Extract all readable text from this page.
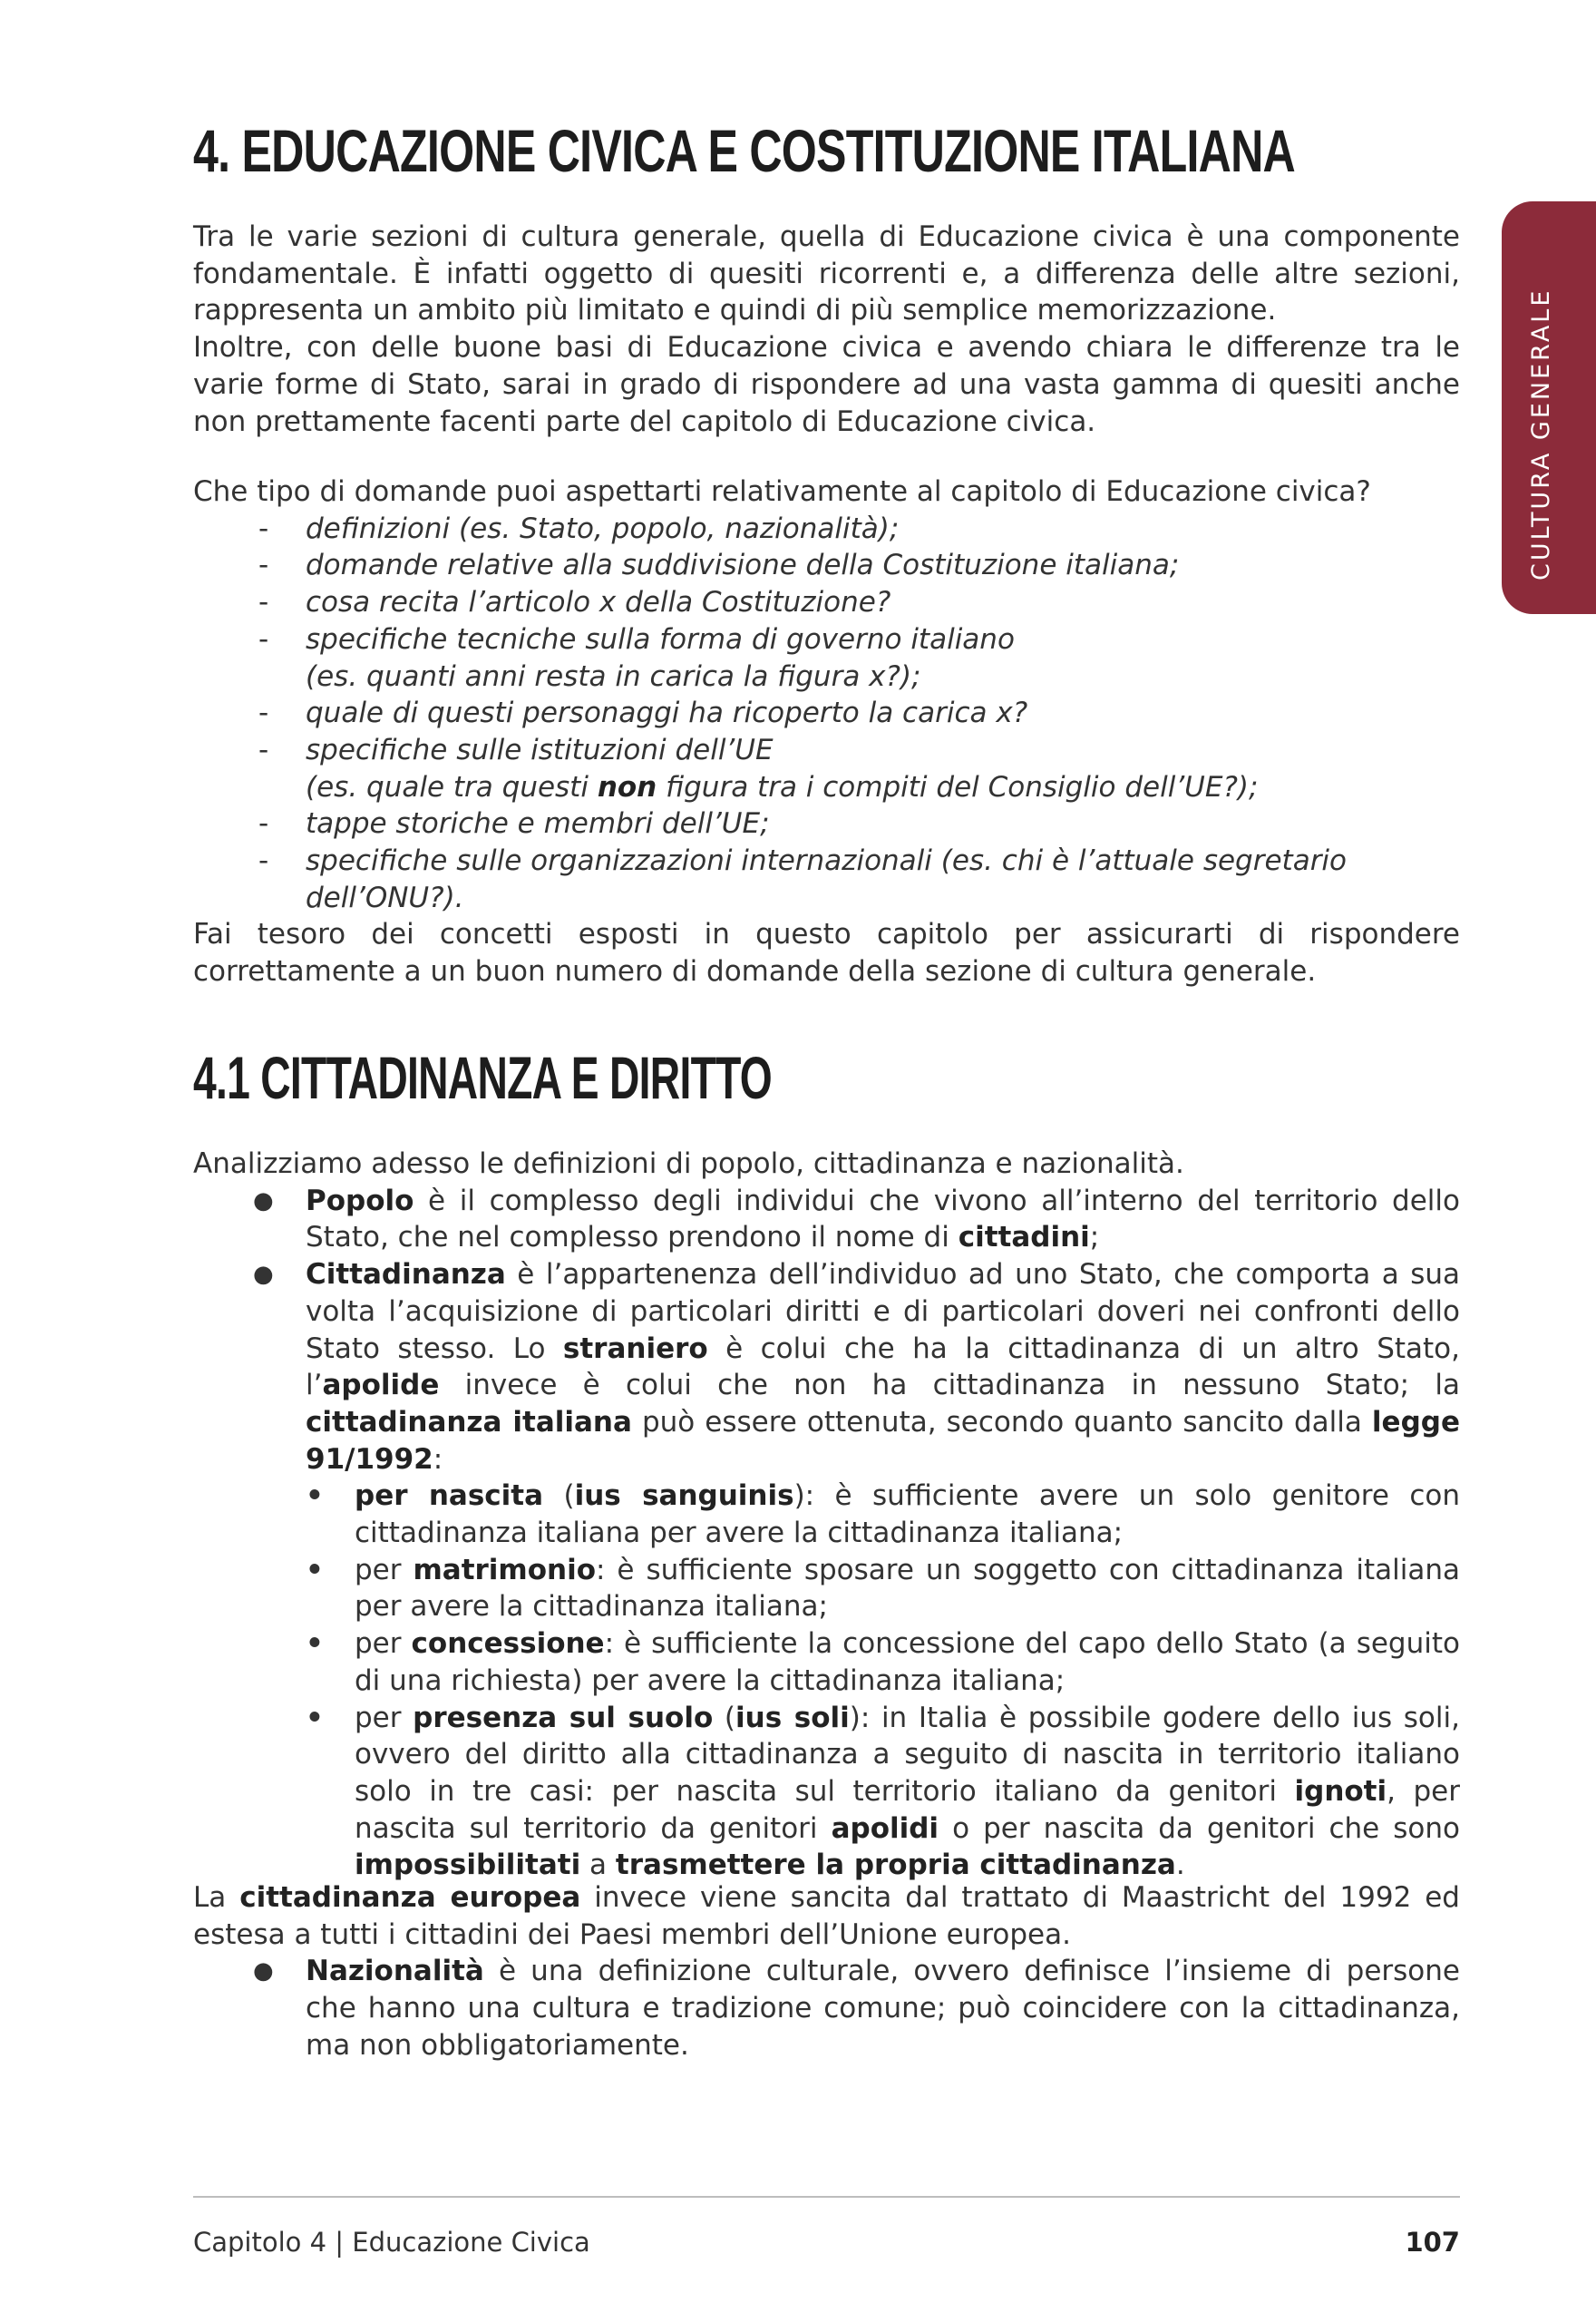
CULTURA GENERALE
4. EDUCAZIONE CIVICA E COSTITUZIONE ITALIANA

Tra le varie sezioni di cultura generale, quella di Educazione civica è una componente fondamentale. È infatti oggetto di quesiti ricorrenti e, a differenza delle altre sezioni, rappresenta un ambito più limitato e quindi di più semplice memorizzazione.

Inoltre, con delle buone basi di Educazione civica e avendo chiara le differenze tra le varie forme di Stato, sarai in grado di rispondere ad una vasta gamma di quesiti anche non prettamente facenti parte del capitolo di Educazione civica.

Che tipo di domande puoi aspettarti relativamente al capitolo di Educazione civica?

- definizioni (es. Stato, popolo, nazionalità);
- domande relative alla suddivisione della Costituzione italiana;
- cosa recita l’articolo x della Costituzione?
- specifiche tecniche sulla forma di governo italiano
(es. quanti anni resta in carica la figura x?);
- quale di questi personaggi ha ricoperto la carica x?
- specifiche sulle istituzioni dell’UE
(es. quale tra questi non figura tra i compiti del Consiglio dell’UE?);
- tappe storiche e membri dell’UE;
- specifiche sulle organizzazioni internazionali (es. chi è l’attuale segretario dell’ONU?).

Fai tesoro dei concetti esposti in questo capitolo per assicurarti di rispondere correttamente a un buon numero di domande della sezione di cultura generale.

4.1 CITTADINANZA E DIRITTO

Analizziamo adesso le definizioni di popolo, cittadinanza e nazionalità.

● Popolo è il complesso degli individui che vivono all’interno del territorio dello Stato, che nel complesso prendono il nome di cittadini;
● Cittadinanza è l’appartenenza dell’individuo ad uno Stato, che comporta a sua volta l’acquisizione di particolari diritti e di particolari doveri nei confronti dello Stato stesso. Lo straniero è colui che ha la cittadinanza di un altro Stato, l’apolide invece è colui che non ha cittadinanza in nessuno Stato; la cittadinanza italiana può essere ottenuta, secondo quanto sancito dalla legge 91/1992:
• per nascita (ius sanguinis): è sufficiente avere un solo genitore con cittadinanza italiana per avere la cittadinanza italiana;
• per matrimonio: è sufficiente sposare un soggetto con cittadinanza italiana per avere la cittadinanza italiana;
• per concessione: è sufficiente la concessione del capo dello Stato (a seguito di una richiesta) per avere la cittadinanza italiana;
• per presenza sul suolo (ius soli): in Italia è possibile godere dello ius soli, ovvero del diritto alla cittadinanza a seguito di nascita in territorio italiano solo in tre casi: per nascita sul territorio italiano da genitori ignoti, per nascita sul territorio da genitori apolidi o per nascita da genitori che sono impossibilitati a trasmettere la propria cittadinanza.

La cittadinanza europea invece viene sancita dal trattato di Maastricht del 1992 ed estesa a tutti i cittadini dei Paesi membri dell’Unione europea.

● Nazionalità è una definizione culturale, ovvero definisce l’insieme di persone che hanno una cultura e tradizione comune; può coincidere con la cittadinanza, ma non obbligatoriamente.
Capitolo 4 | Educazione Civica	107
